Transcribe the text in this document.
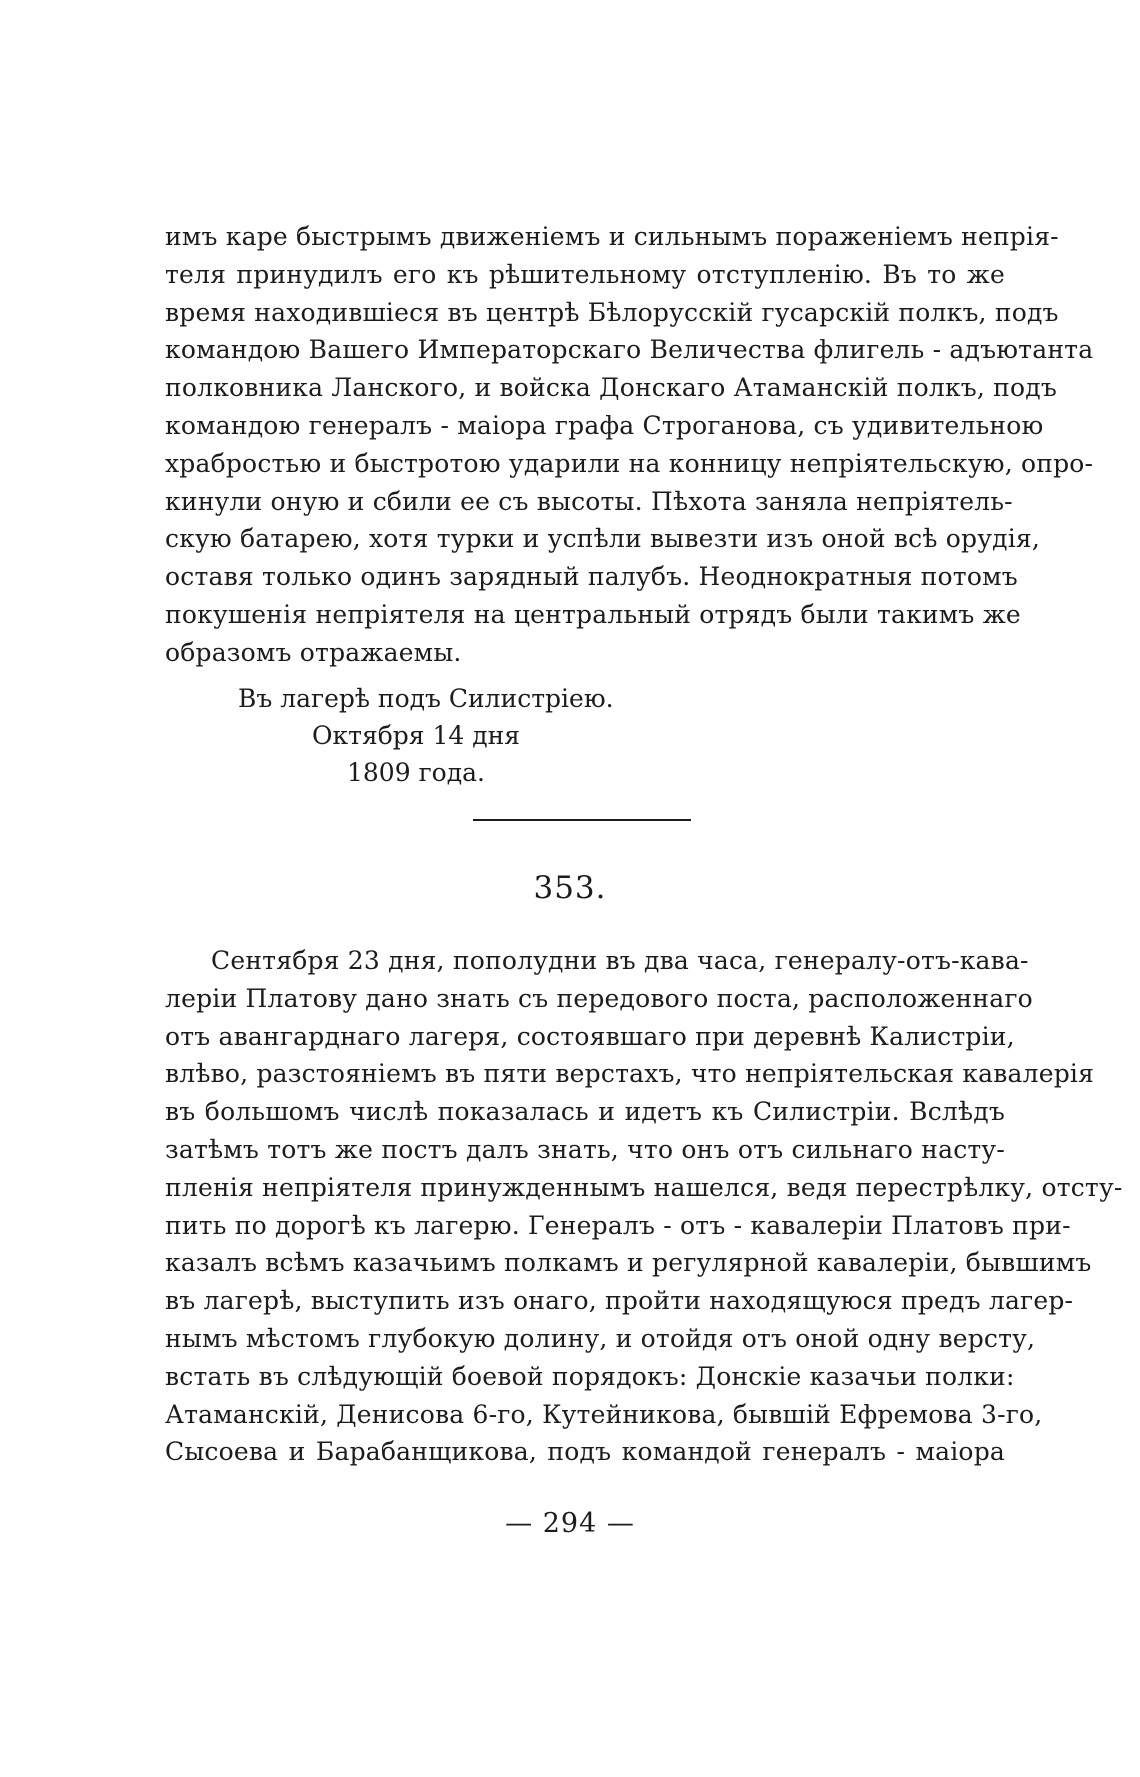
имъ каре быстрымъ движеніемъ и сильнымъ пораженіемъ непрія-
теля принудилъ его къ рѣшительному отступленію. Въ то же
время находившіеся въ центрѣ Бѣлорусскій гусарскій полкъ, подъ
командою Вашего Императорскаго Величества флигель - адъютанта
полковника Ланского, и войска Донскаго Атаманскій полкъ, подъ
командою генералъ - маіора графа Строганова, съ удивительною
храбростью и быстротою ударили на конницу непріятельскую, опро-
кинули оную и сбили ее съ высоты. Пѣхота заняла непріятель-
скую батарею, хотя турки и успѣли вывезти изъ оной всѣ орудія,
оставя только одинъ зарядный палубъ. Неоднократныя потомъ
покушенія непріятеля на центральный отрядъ были такимъ же
образомъ отражаемы.
Въ лагерѣ подъ Силистріею.
Октября 14 дня
1809 года.
353.
Сентября 23 дня, пополудни въ два часа, генералу-отъ-кава-
лерiи Платову дано знать съ передового поста, расположеннаго
отъ авангарднаго лагеря, состоявшаго при деревнѣ Калистріи,
влѣво, разстояніемъ въ пяти верстахъ, что непріятельская кавалерія
въ большомъ числѣ показалась и идетъ къ Силистріи. Вслѣдъ
затѣмъ тотъ же постъ далъ знать, что онъ отъ сильнаго насту-
пленія непріятеля принужденнымъ нашелся, ведя перестрѣлку, отсту-
пить по дорогѣ къ лагерю. Генералъ - отъ - кавалеріи Платовъ при-
казалъ всѣмъ казачьимъ полкамъ и регулярной кавалеріи, бывшимъ
въ лагерѣ, выступить изъ онаго, пройти находящуюся предъ лагер-
нымъ мѣстомъ глубокую долину, и отойдя отъ оной одну версту,
встать въ слѣдующій боевой порядокъ: Донскіе казачьи полки:
Атаманскій, Денисова 6-го, Кутейникова, бывшій Ефремова 3-го,
Сысоева и Барабанщикова, подъ командой генералъ - маіора
— 294 —
